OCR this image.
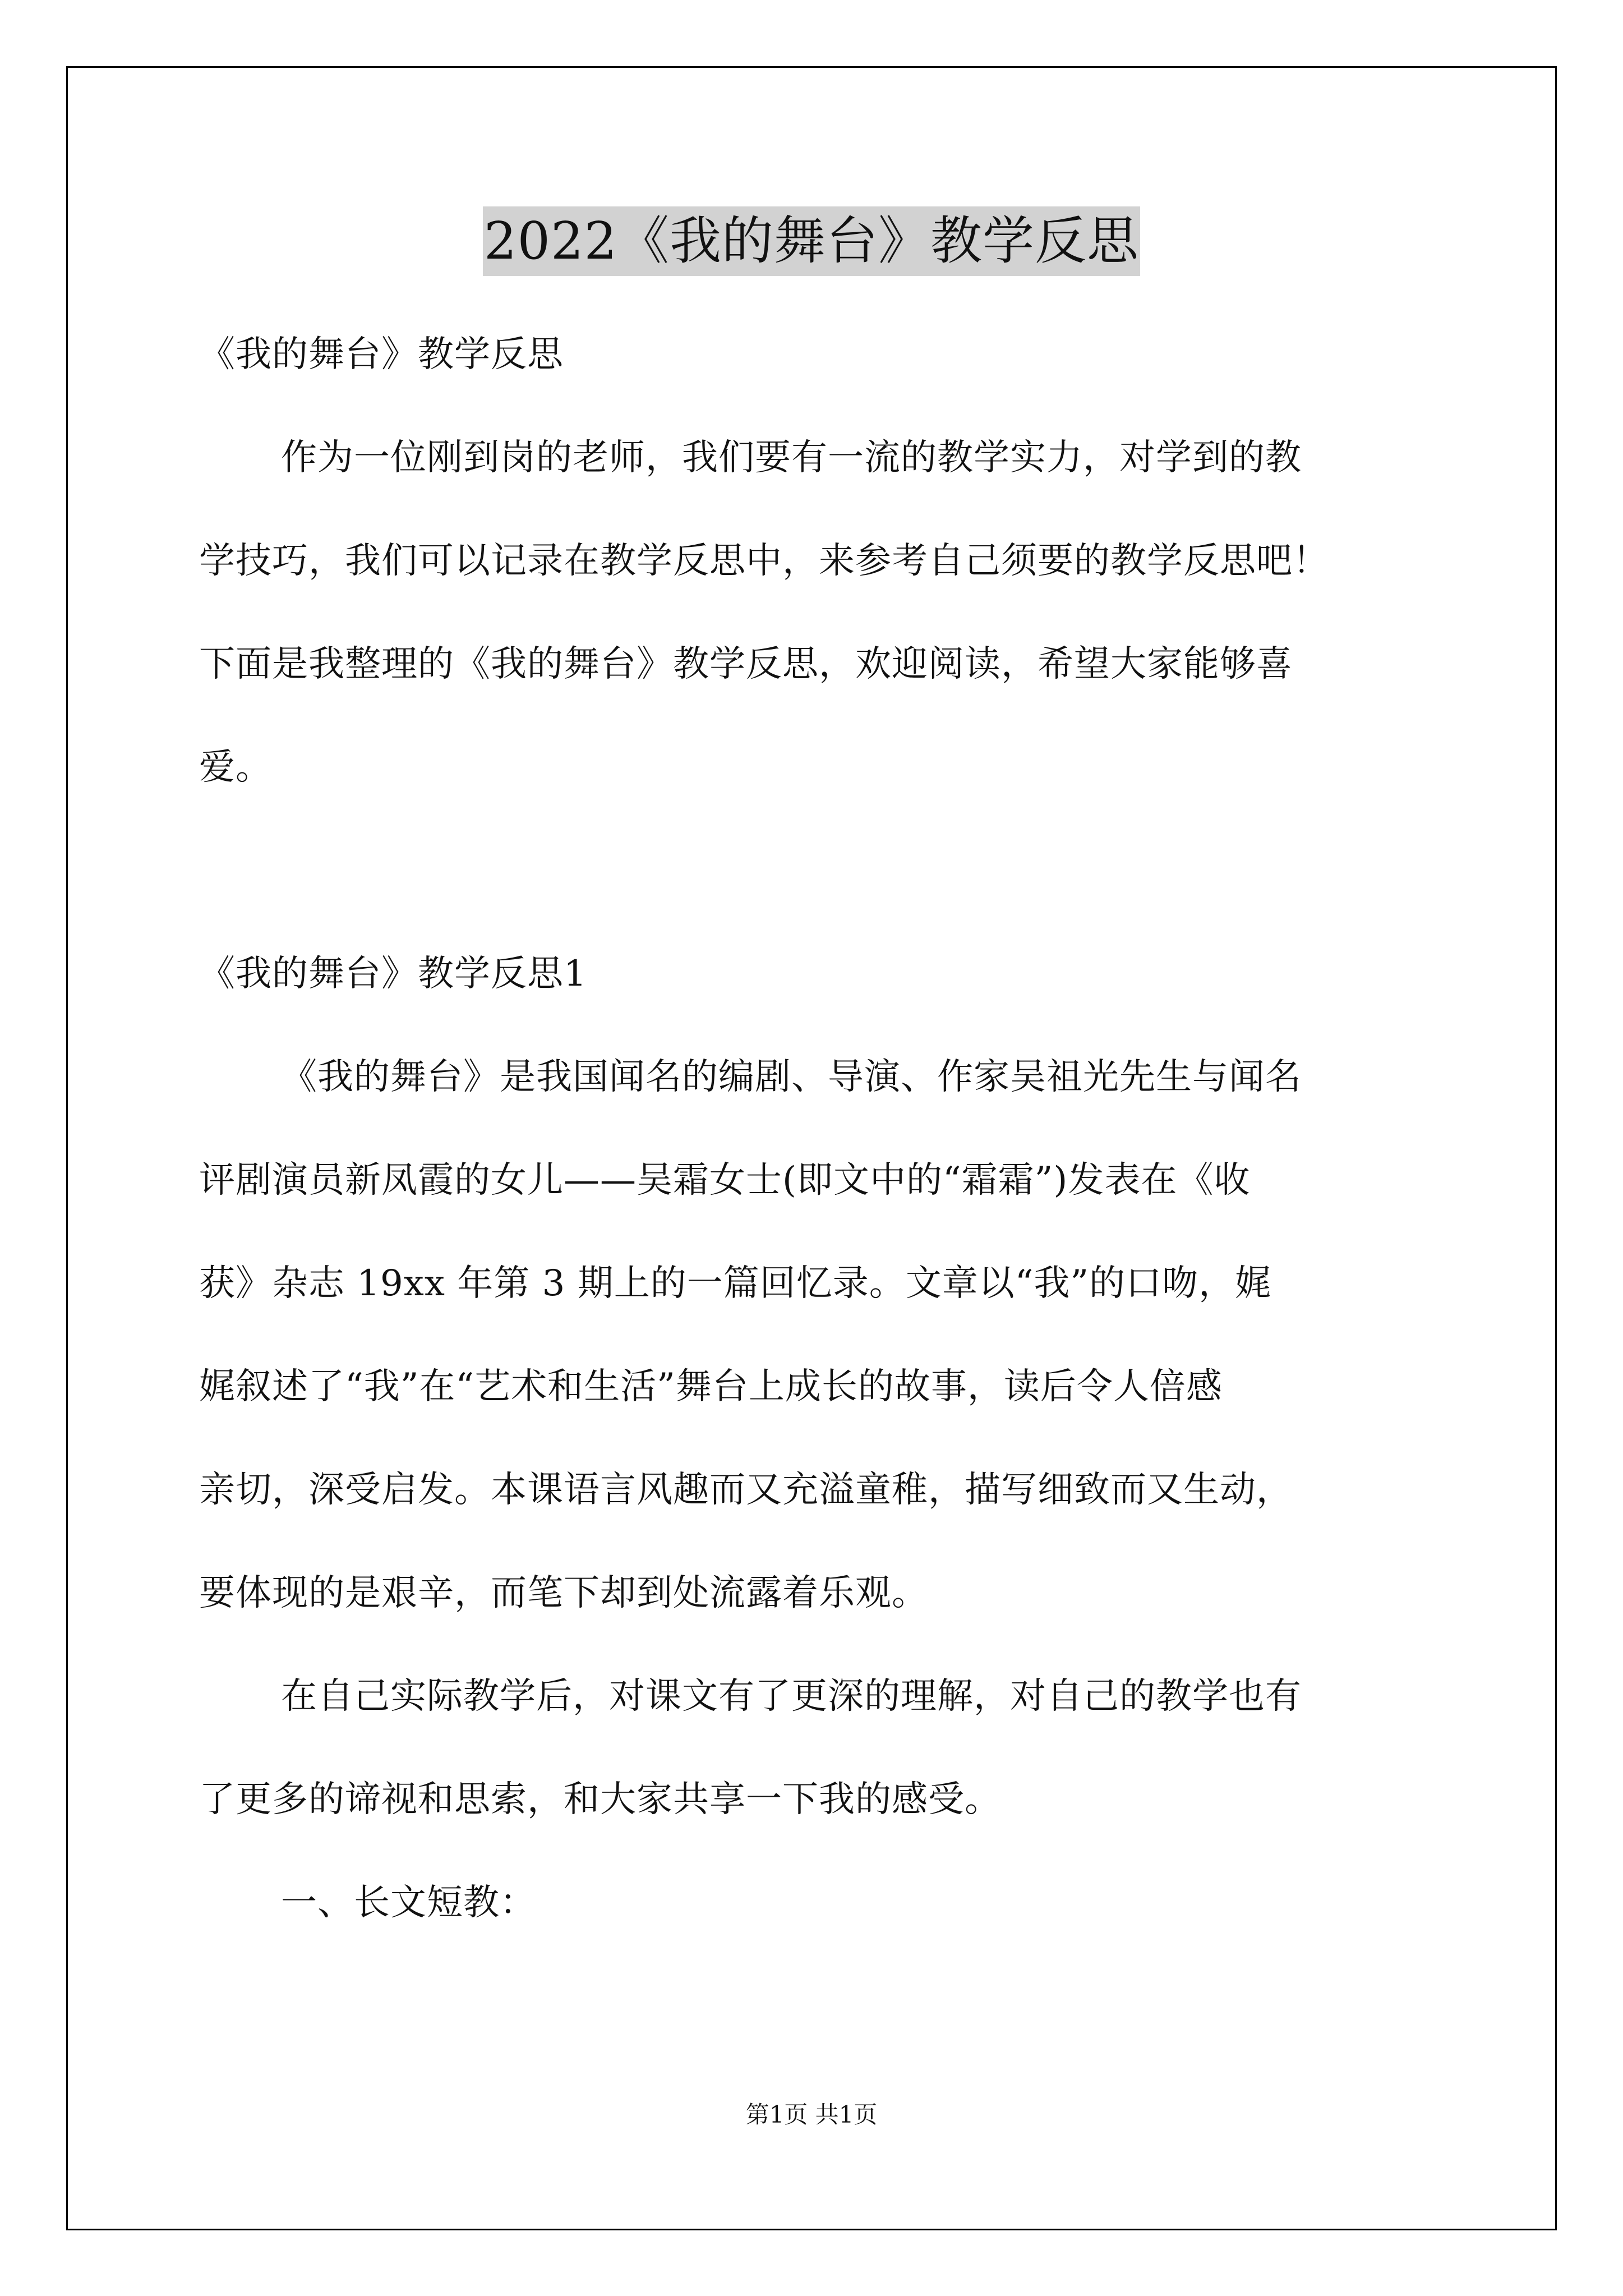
2022《我的舞台》教学反思
《我的舞台》教学反思
作为一位刚到岗的老师，我们要有一流的教学实力，对学到的教
学技巧，我们可以记录在教学反思中，来参考自己须要的教学反思吧！
下面是我整理的《我的舞台》教学反思，欢迎阅读，希望大家能够喜
爱。
《我的舞台》教学反思1
《我的舞台》是我国闻名的编剧、导演、作家吴祖光先生与闻名
评剧演员新凤霞的女儿——吴霜女士(即文中的“霜霜”)发表在《收
获》杂志 19xx 年第 3 期上的一篇回忆录。文章以“我”的口吻，娓
娓叙述了“我”在“艺术和生活”舞台上成长的故事，读后令人倍感
亲切，深受启发。本课语言风趣而又充溢童稚，描写细致而又生动，
要体现的是艰辛，而笔下却到处流露着乐观。
在自己实际教学后，对课文有了更深的理解，对自己的教学也有
了更多的谛视和思索，和大家共享一下我的感受。
一、长文短教：
第1页 共1页
